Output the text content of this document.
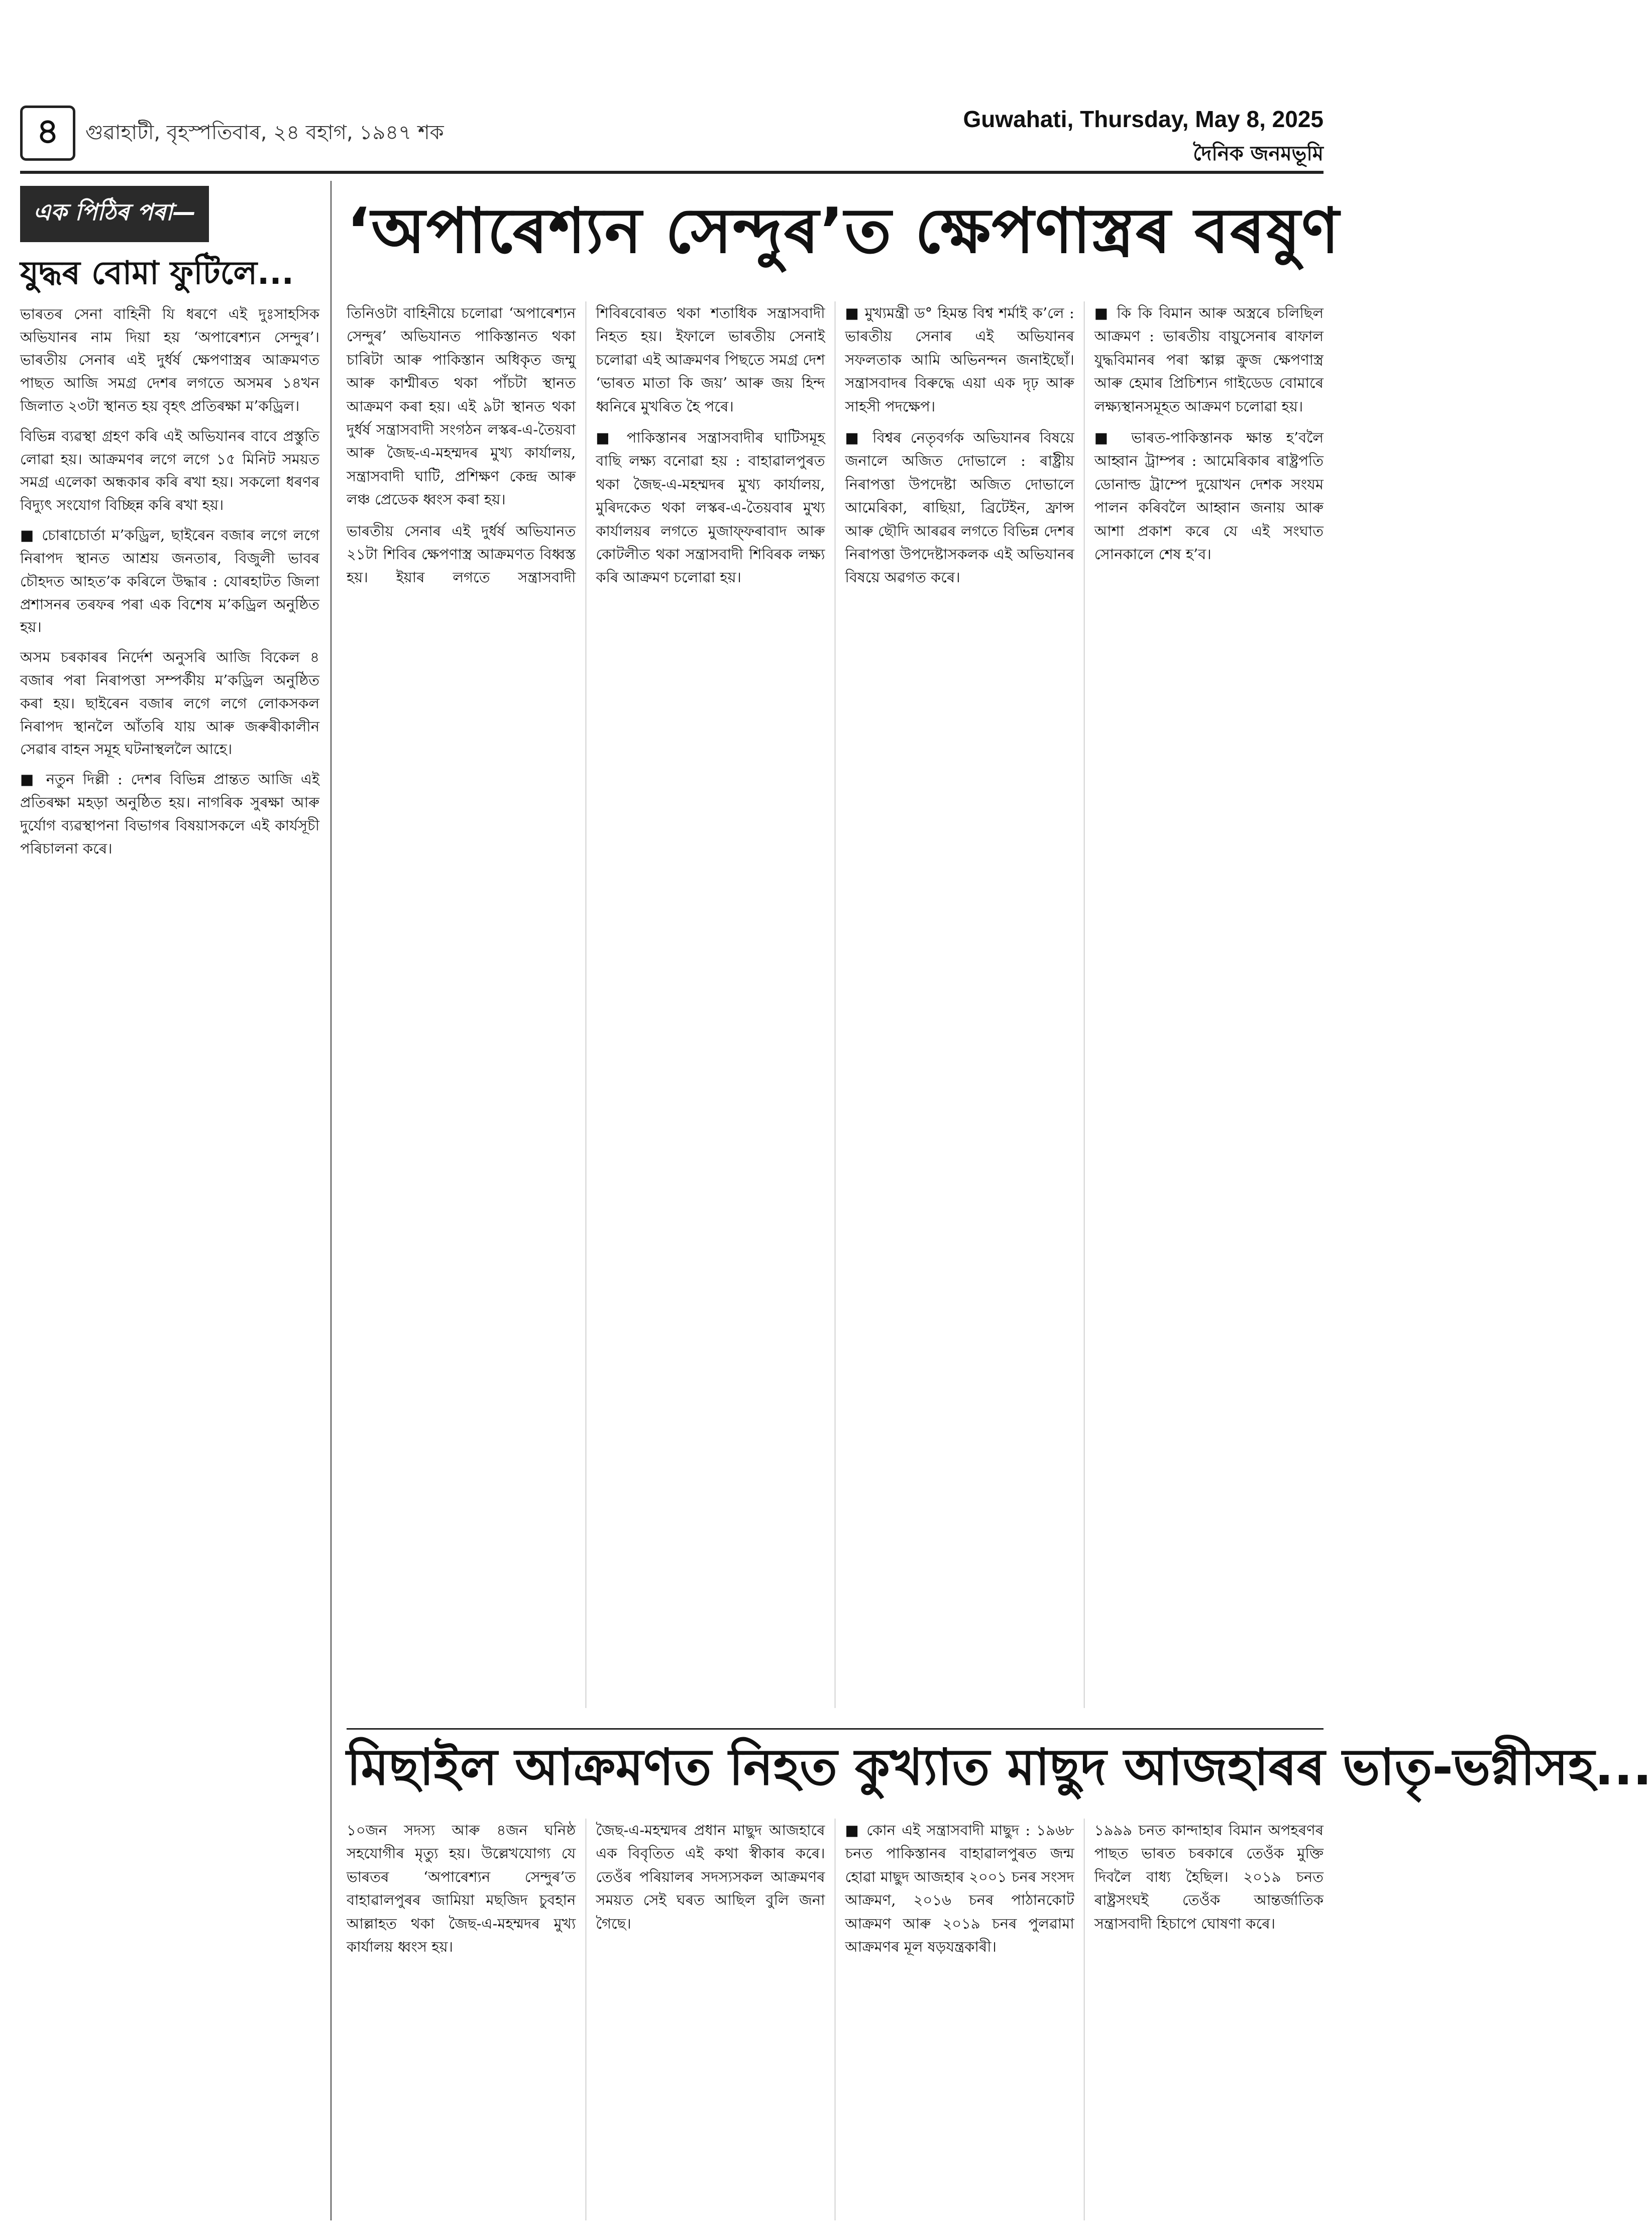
৪	গুৱাহাটী, বৃহস্পতিবাৰ, ২৪ বহাগ, ১৯৪৭ শক
Guwahati, Thursday, May 8, 2025
দৈনিক জনমভূমি
এক পিঠিৰ পৰা—
যুদ্ধৰ বোমা ফুটিলে...

ভাৰতৰ সেনা বাহিনী যি ধৰণে এই দুঃসাহসিক অভিযানৰ নাম দিয়া হয় ‘অপাৰেশ্যন সেন্দুৰ’। ভাৰতীয় সেনাৰ এই দুৰ্ধৰ্ষ ক্ষেপণাস্ত্ৰৰ আক্ৰমণত পাছত আজি সমগ্ৰ দেশৰ লগতে অসমৰ ১৪খন জিলাত ২৩টা স্থানত হয় বৃহৎ প্ৰতিৰক্ষা ম’কড্ৰিল।

বিভিন্ন ব্যৱস্থা গ্ৰহণ কৰি এই অভিযানৰ বাবে প্ৰস্তুতি লোৱা হয়। আক্ৰমণৰ লগে লগে ১৫ মিনিট সময়ত সমগ্ৰ এলেকা অন্ধকাৰ কৰি ৰখা হয়। সকলো ধৰণৰ বিদ্যুৎ সংযোগ বিচ্ছিন্ন কৰি ৰখা হয়।

■ চোৰাচোৰ্তা ম’কড্ৰিল, ছাইৰেন বজাৰ লগে লগে নিৰাপদ স্থানত আশ্ৰয় জনতাৰ, বিজুলী ভাবৰ চৌহদত আহত’ক কৰিলে উদ্ধাৰ : যোৰহাটত জিলা প্ৰশাসনৰ তৰফৰ পৰা এক বিশেষ ম’কড্ৰিল অনুষ্ঠিত হয়।

অসম চৰকাৰৰ নিৰ্দেশ অনুসৰি আজি বিকেল ৪ বজাৰ পৰা নিৰাপত্তা সম্পৰ্কীয় ম’কড্ৰিল অনুষ্ঠিত কৰা হয়। ছাইৰেন বজাৰ লগে লগে লোকসকল নিৰাপদ স্থানলৈ আঁতৰি যায় আৰু জৰুৰীকালীন সেৱাৰ বাহন সমূহ ঘটনাস্থললৈ আহে।

■ নতুন দিল্লী : দেশৰ বিভিন্ন প্ৰান্তত আজি এই প্ৰতিৰক্ষা মহড়া অনুষ্ঠিত হয়। নাগৰিক সুৰক্ষা আৰু দুৰ্যোগ ব্যৱস্থাপনা বিভাগৰ বিষয়াসকলে এই কাৰ্যসূচী পৰিচালনা কৰে।

‘অপাৰেশ্যন সেন্দুৰ’ত ক্ষেপণাস্ত্ৰৰ বৰষুণ

তিনিওটা বাহিনীয়ে চলোৱা ‘অপাৰেশ্যন সেন্দুৰ’ অভিযানত পাকিস্তানত থকা চাৰিটা আৰু পাকিস্তান অধিকৃত জম্মু আৰু কাশ্মীৰত থকা পাঁচটা স্থানত আক্ৰমণ কৰা হয়। এই ৯টা স্থানত থকা দুৰ্ধৰ্ষ সন্ত্ৰাসবাদী সংগঠন লস্কৰ-এ-তৈয়বা আৰু জৈছ-এ-মহম্মদৰ মুখ্য কাৰ্যালয়, সন্ত্ৰাসবাদী ঘাটি, প্ৰশিক্ষণ কেন্দ্ৰ আৰু লঞ্চ প্ৰেডেক ধ্বংস কৰা হয়।

ভাৰতীয় সেনাৰ এই দুৰ্ধৰ্ষ অভিযানত ২১টা শিবিৰ ক্ষেপণাস্ত্ৰ আক্ৰমণত বিধ্বস্ত হয়। ইয়াৰ লগতে সন্ত্ৰাসবাদী শিবিৰবোৰত থকা শতাধিক সন্ত্ৰাসবাদী নিহত হয়। ইফালে ভাৰতীয় সেনাই চলোৱা এই আক্ৰমণৰ পিছতে সমগ্ৰ দেশ ‘ভাৰত মাতা কি জয়’ আৰু জয় হিন্দ ধ্বনিৰে মুখৰিত হৈ পৰে।

■ পাকিস্তানৰ সন্ত্ৰাসবাদীৰ ঘাটিসমূহ বাছি লক্ষ্য বনোৱা হয় : বাহাৱালপুৰত থকা জৈছ-এ-মহম্মদৰ মুখ্য কাৰ্যালয়, মুৰিদকেত থকা লস্কৰ-এ-তৈয়বাৰ মুখ্য কাৰ্যালয়ৰ লগতে মুজাফ্ফৰাবাদ আৰু কোটলীত থকা সন্ত্ৰাসবাদী শিবিৰক লক্ষ্য কৰি আক্ৰমণ চলোৱা হয়।

■ মুখ্যমন্ত্ৰী ড° হিমন্ত বিশ্ব শৰ্মাই ক’লে : ভাৰতীয় সেনাৰ এই অভিযানৰ সফলতাক আমি অভিনন্দন জনাইছোঁ। সন্ত্ৰাসবাদৰ বিৰুদ্ধে এয়া এক দৃঢ় আৰু সাহসী পদক্ষেপ।

■ বিশ্বৰ নেতৃবৰ্গক অভিযানৰ বিষয়ে জনালে অজিত দোভালে : ৰাষ্ট্ৰীয় নিৰাপত্তা উপদেষ্টা অজিত দোভালে আমেৰিকা, ৰাছিয়া, ব্ৰিটেইন, ফ্ৰান্স আৰু ছৌদি আৰৱৰ লগতে বিভিন্ন দেশৰ নিৰাপত্তা উপদেষ্টাসকলক এই অভিযানৰ বিষয়ে অৱগত কৰে।

■ কি কি বিমান আৰু অস্ত্ৰৰে চলিছিল আক্ৰমণ : ভাৰতীয় বায়ুসেনাৰ ৰাফাল যুদ্ধবিমানৰ পৰা স্কাল্প ক্ৰুজ ক্ষেপণাস্ত্ৰ আৰু হেমাৰ প্ৰিচিশ্যন গাইডেড বোমাৰে লক্ষ্যস্থানসমূহত আক্ৰমণ চলোৱা হয়।

■ ভাৰত-পাকিস্তানক ক্ষান্ত হ’বলৈ আহ্বান ট্ৰাম্পৰ : আমেৰিকাৰ ৰাষ্ট্ৰপতি ডোনাল্ড ট্ৰাম্পে দুয়োখন দেশক সংযম পালন কৰিবলৈ আহ্বান জনায় আৰু আশা প্ৰকাশ কৰে যে এই সংঘাত সোনকালে শেষ হ’ব।

মিছাইল আক্ৰমণত নিহত কুখ্যাত মাছুদ আজহাৰৰ ভাতৃ-ভগ্নীসহ...

১০জন সদস্য আৰু ৪জন ঘনিষ্ঠ সহযোগীৰ মৃত্যু হয়। উল্লেখযোগ্য যে ভাৰতৰ ‘অপাৰেশ্যন সেন্দুৰ’ত বাহাৱালপুৰৰ জামিয়া মছজিদ চুবহান আল্লাহত থকা জৈছ-এ-মহম্মদৰ মুখ্য কাৰ্যালয় ধ্বংস হয়।

জৈছ-এ-মহম্মদৰ প্ৰধান মাছুদ আজহাৰে এক বিবৃতিত এই কথা স্বীকাৰ কৰে। তেওঁৰ পৰিয়ালৰ সদস্যসকল আক্ৰমণৰ সময়ত সেই ঘৰত আছিল বুলি জনা গৈছে।

■ কোন এই সন্ত্ৰাসবাদী মাছুদ : ১৯৬৮ চনত পাকিস্তানৰ বাহাৱালপুৰত জন্ম হোৱা মাছুদ আজহাৰ ২০০১ চনৰ সংসদ আক্ৰমণ, ২০১৬ চনৰ পাঠানকোট আক্ৰমণ আৰু ২০১৯ চনৰ পুলৱামা আক্ৰমণৰ মূল ষড়যন্ত্ৰকাৰী।

১৯৯৯ চনত কান্দাহাৰ বিমান অপহৰণৰ পাছত ভাৰত চৰকাৰে তেওঁক মুক্তি দিবলৈ বাধ্য হৈছিল। ২০১৯ চনত ৰাষ্ট্ৰসংঘই তেওঁক আন্তৰ্জাতিক সন্ত্ৰাসবাদী হিচাপে ঘোষণা কৰে।
